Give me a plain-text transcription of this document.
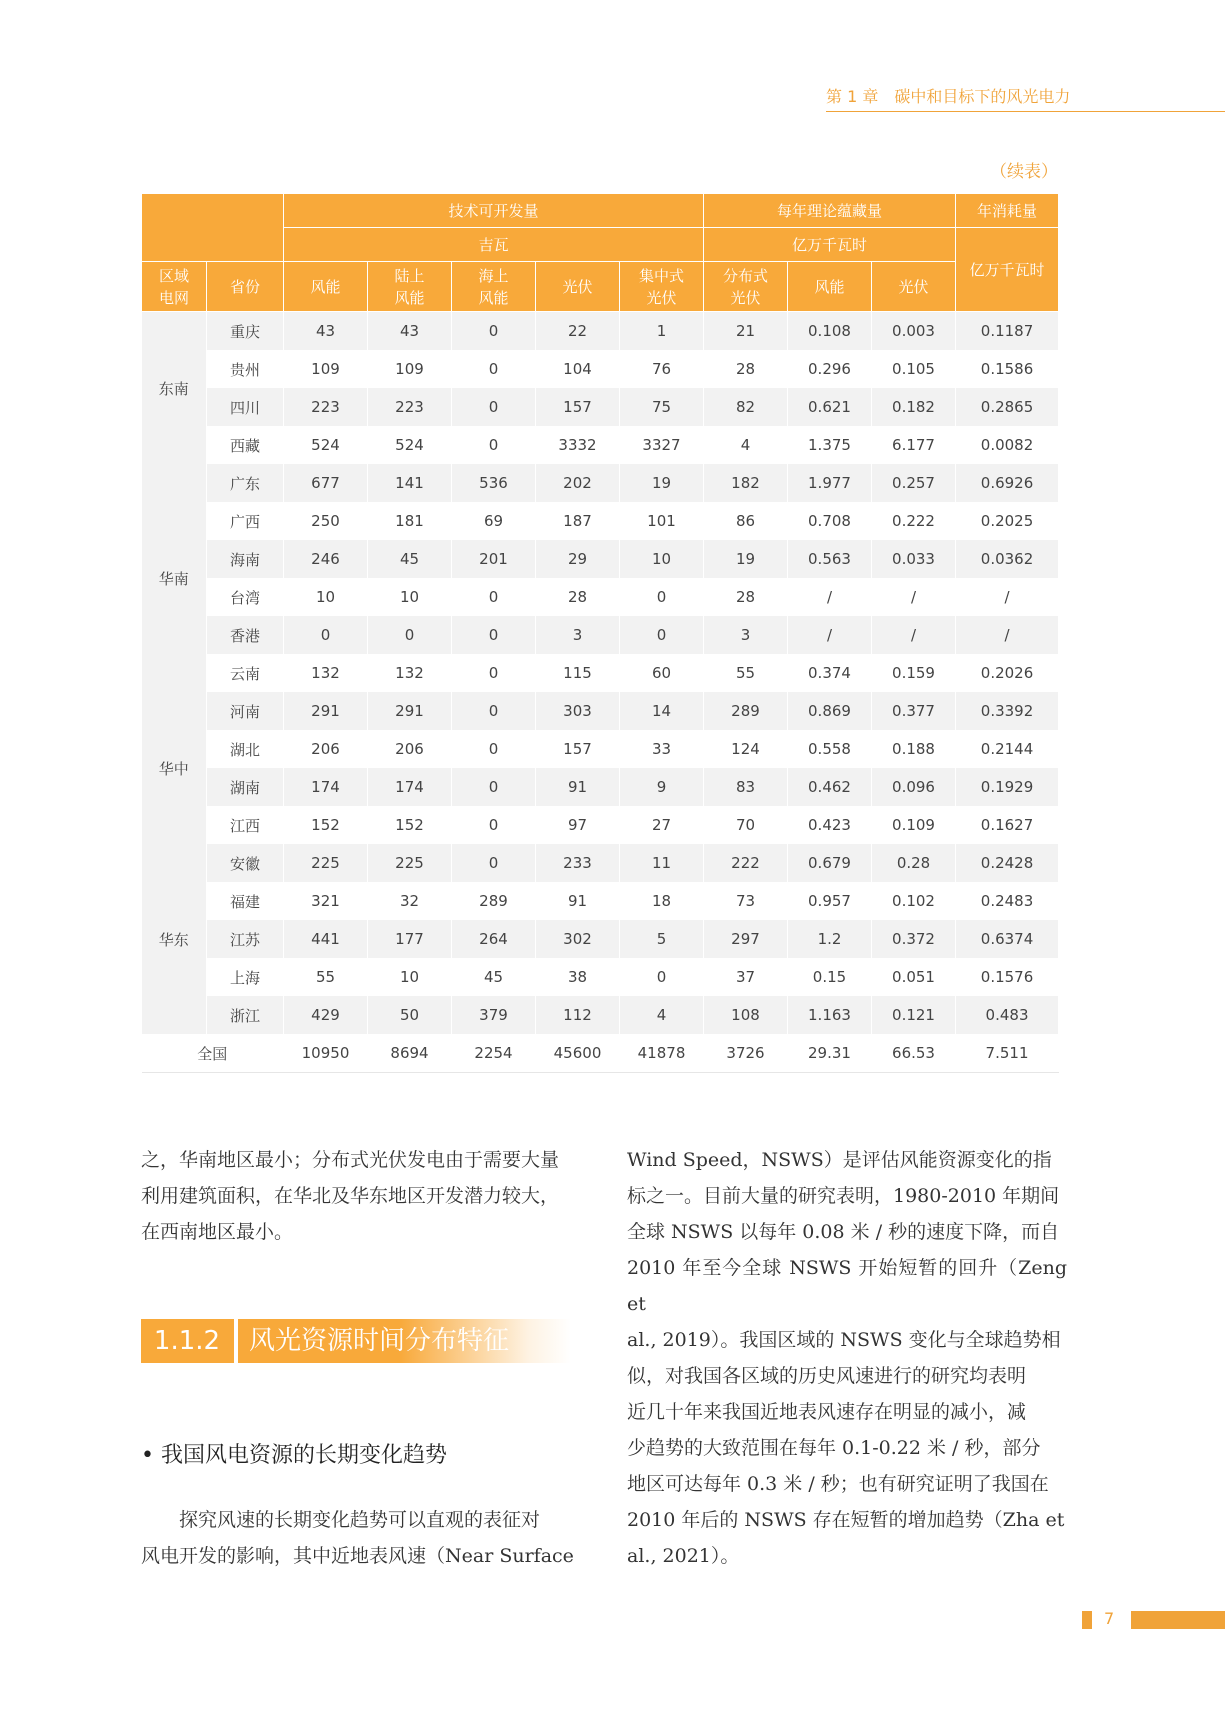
第 1 章　碳中和目标下的风光电力
（续表）
		技术可开发量					每年理论蕴藏量			年消耗量
		吉瓦					亿万千瓦时			亿万千瓦时
区域电网	省份	风能	陆上风能	海上风能	光伏	集中式光伏	分布式光伏	风能	光伏	
东南	重庆	43	43	0	22	1	21	0.108	0.003	0.1187
	贵州	109	109	0	104	76	28	0.296	0.105	0.1586
	四川	223	223	0	157	75	82	0.621	0.182	0.2865
	西藏	524	524	0	3332	3327	4	1.375	6.177	0.0082
华南	广东	677	141	536	202	19	182	1.977	0.257	0.6926
	广西	250	181	69	187	101	86	0.708	0.222	0.2025
	海南	246	45	201	29	10	19	0.563	0.033	0.0362
	台湾	10	10	0	28	0	28	/	/	/
	香港	0	0	0	3	0	3	/	/	/
	云南	132	132	0	115	60	55	0.374	0.159	0.2026
华中	河南	291	291	0	303	14	289	0.869	0.377	0.3392
	湖北	206	206	0	157	33	124	0.558	0.188	0.2144
	湖南	174	174	0	91	9	83	0.462	0.096	0.1929
	江西	152	152	0	97	27	70	0.423	0.109	0.1627
华东	安徽	225	225	0	233	11	222	0.679	0.28	0.2428
	福建	321	32	289	91	18	73	0.957	0.102	0.2483
	江苏	441	177	264	302	5	297	1.2	0.372	0.6374
	上海	55	10	45	38	0	37	0.15	0.051	0.1576
	浙江	429	50	379	112	4	108	1.163	0.121	0.483
全国		10950	8694	2254	45600	41878	3726	29.31	66.53	7.511
之，华南地区最小；分布式光伏发电由于需要大量
利用建筑面积，在华北及华东地区开发潜力较大，
在西南地区最小。
1.1.2	风光资源时间分布特征
• 我国风电资源的长期变化趋势
　　探究风速的长期变化趋势可以直观的表征对
风电开发的影响，其中近地表风速（Near Surface
Wind Speed，NSWS）是评估风能资源变化的指
标之一。目前大量的研究表明，1980-2010 年期间
全球 NSWS 以每年 0.08 米 / 秒的速度下降，而自
2010 年至今全球 NSWS 开始短暂的回升（Zeng et
al., 2019）。我国区域的 NSWS 变化与全球趋势相
似，对我国各区域的历史风速进行的研究均表明
近几十年来我国近地表风速存在明显的减小，减
少趋势的大致范围在每年 0.1-0.22 米 / 秒，部分
地区可达每年 0.3 米 / 秒；也有研究证明了我国在
2010 年后的 NSWS 存在短暂的增加趋势（Zha et
al., 2021）。
7
